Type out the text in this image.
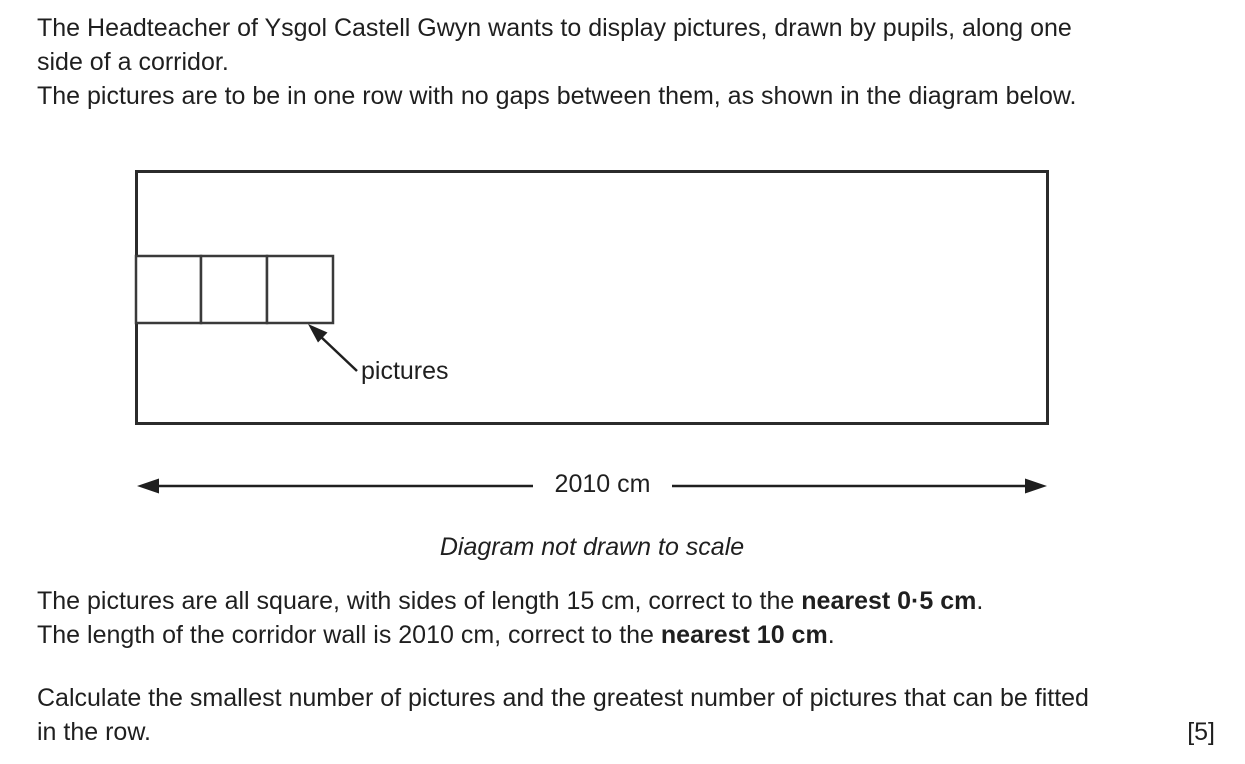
The Headteacher of Ysgol Castell Gwyn wants to display pictures, drawn by pupils, along one
side of a corridor.
The pictures are to be in one row with no gaps between them, as shown in the diagram below.
pictures
2010 cm
Diagram not drawn to scale
The pictures are all square, with sides of length 15 cm, correct to the nearest 0·5 cm.
The length of the corridor wall is 2010 cm, correct to the nearest 10 cm.
Calculate the smallest number of pictures and the greatest number of pictures that can be fitted
in the row.	[5]
